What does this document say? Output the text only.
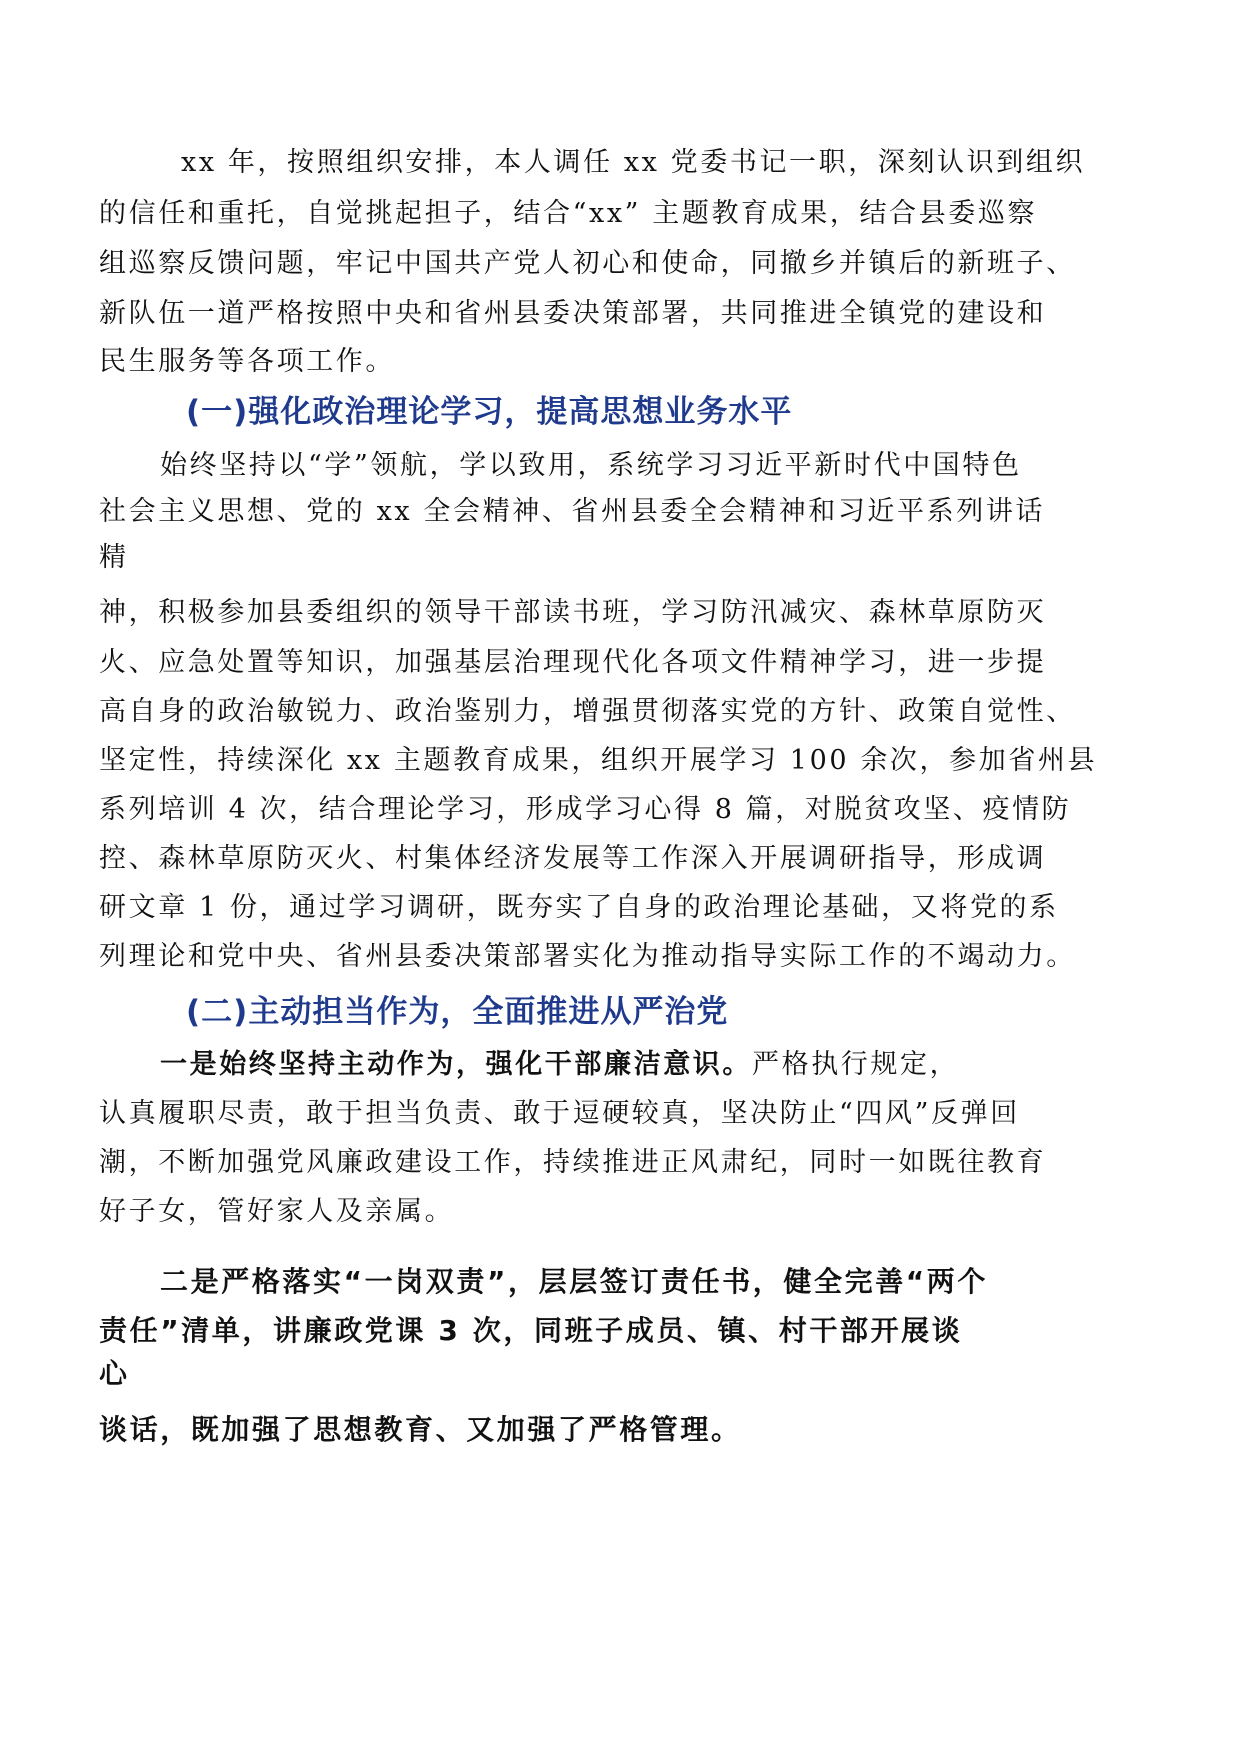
xx 年，按照组织安排，本人调任 xx 党委书记一职，深刻认识到组织
的信任和重托，自觉挑起担子，结合“xx” 主题教育成果，结合县委巡察
组巡察反馈问题，牢记中国共产党人初心和使命，同撤乡并镇后的新班子、
新队伍一道严格按照中央和省州县委决策部署，共同推进全镇党的建设和
民生服务等各项工作。
(一)强化政治理论学习，提高思想业务水平
始终坚持以“学”领航，学以致用，系统学习习近平新时代中国特色
社会主义思想、党的 xx 全会精神、省州县委全会精神和习近平系列讲话
精
神，积极参加县委组织的领导干部读书班，学习防汛减灾、森林草原防灭
火、应急处置等知识，加强基层治理现代化各项文件精神学习，进一步提
高自身的政治敏锐力、政治鉴别力，增强贯彻落实党的方针、政策自觉性、
坚定性，持续深化 xx 主题教育成果，组织开展学习 100 余次，参加省州县
系列培训 4 次，结合理论学习，形成学习心得 8 篇，对脱贫攻坚、疫情防
控、森林草原防灭火、村集体经济发展等工作深入开展调研指导，形成调
研文章 1 份，通过学习调研，既夯实了自身的政治理论基础，又将党的系
列理论和党中央、省州县委决策部署实化为推动指导实际工作的不竭动力。
(二)主动担当作为，全面推进从严治党
一是始终坚持主动作为，强化干部廉洁意识。严格执行规定，
认真履职尽责，敢于担当负责、敢于逗硬较真，坚决防止“四风”反弹回
潮，不断加强党风廉政建设工作，持续推进正风肃纪，同时一如既往教育
好子女，管好家人及亲属。
二是严格落实“一岗双责”，层层签订责任书，健全完善“两个
责任”清单，讲廉政党课 3 次，同班子成员、镇、村干部开展谈
心
谈话，既加强了思想教育、又加强了严格管理。
